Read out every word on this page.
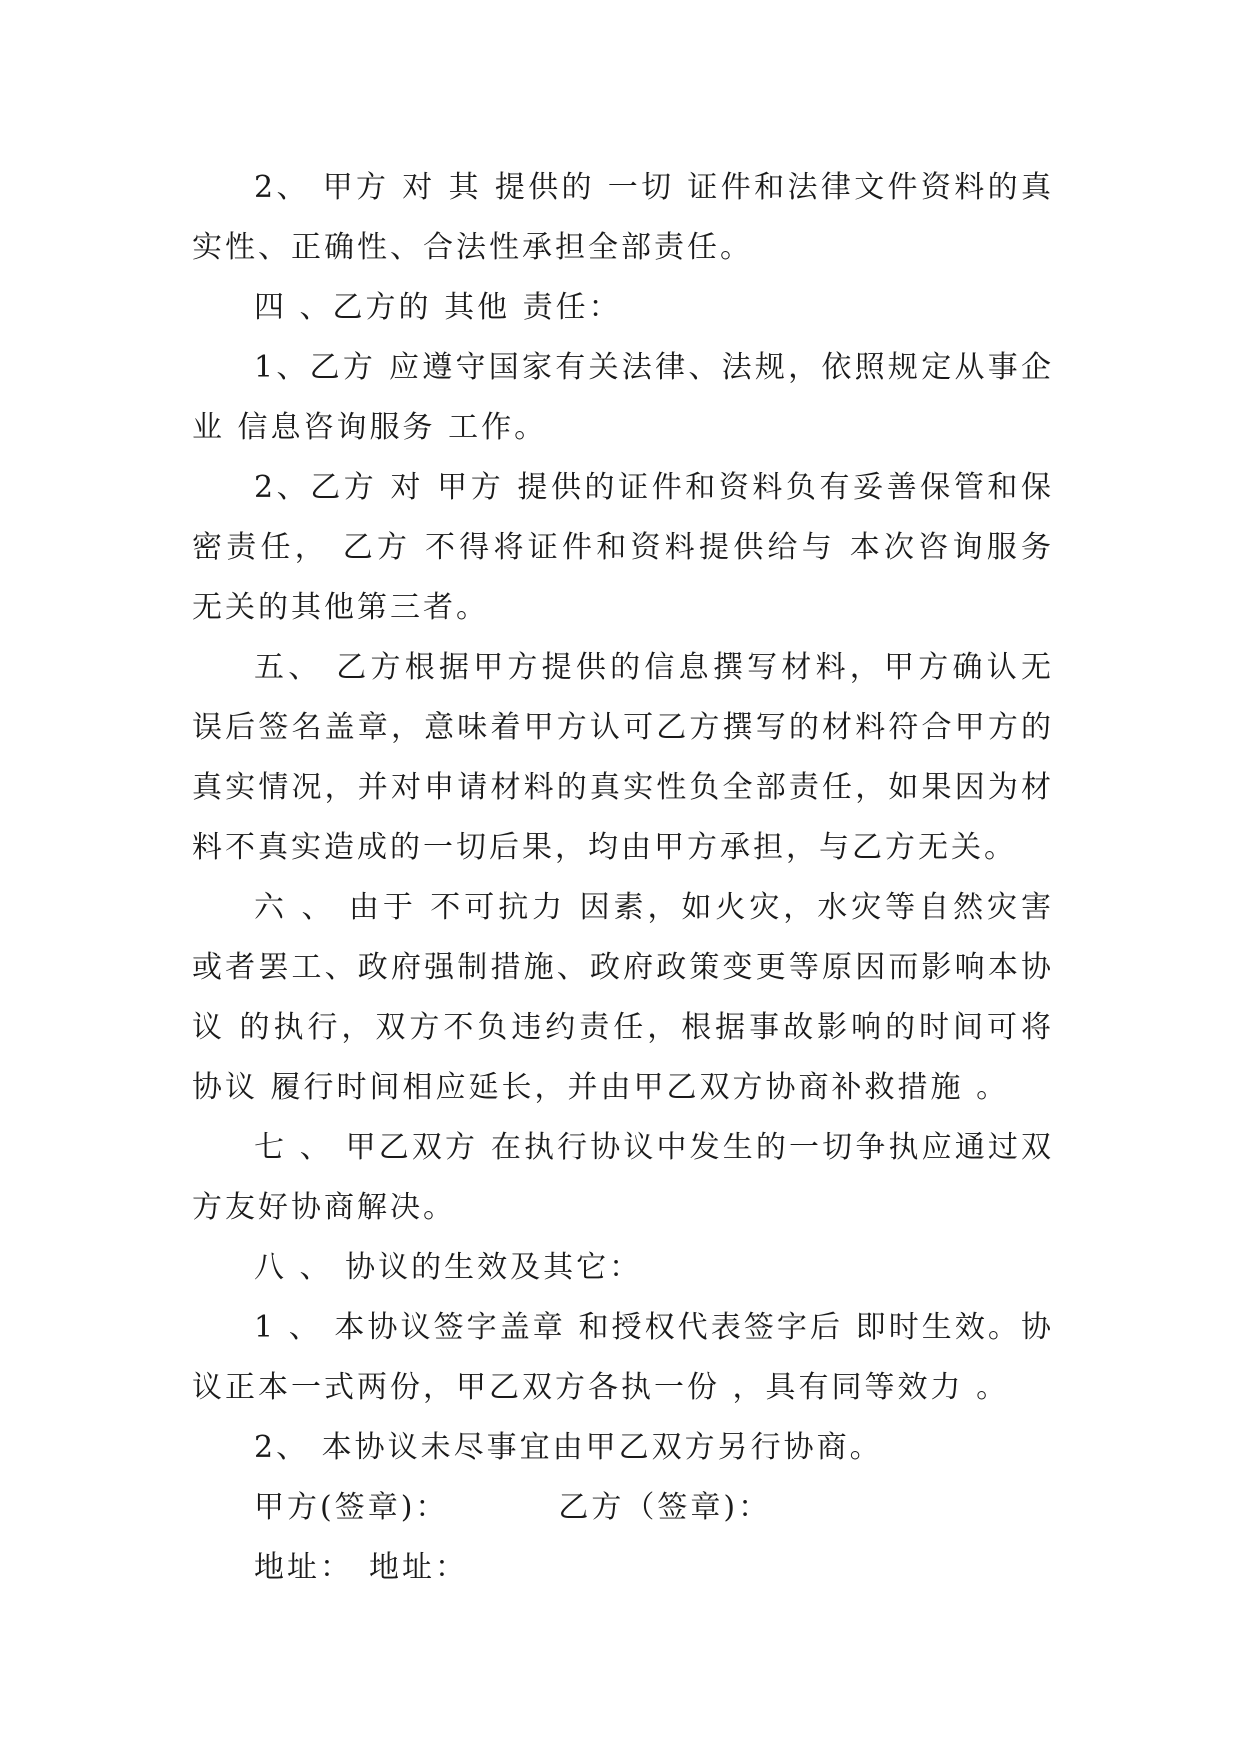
2、 甲方 对 其 提供的 一切 证件和法律文件资料的真实性、正确性、合法性承担全部责任。

四 、乙方的 其他 责任：

1、乙方 应遵守国家有关法律、法规，依照规定从事企业 信息咨询服务 工作。

2、乙方 对 甲方 提供的证件和资料负有妥善保管和保密责任， 乙方 不得将证件和资料提供给与 本次咨询服务无关的其他第三者。

五、 乙方根据甲方提供的信息撰写材料，甲方确认无误后签名盖章，意味着甲方认可乙方撰写的材料符合甲方的真实情况，并对申请材料的真实性负全部责任，如果因为材料不真实造成的一切后果，均由甲方承担，与乙方无关。

六 、 由于 不可抗力 因素，如火灾，水灾等自然灾害或者罢工、政府强制措施、政府政策变更等原因而影响本协议 的执行，双方不负违约责任，根据事故影响的时间可将 协议 履行时间相应延长，并由甲乙双方协商补救措施 。

七 、 甲乙双方 在执行协议中发生的一切争执应通过双方友好协商解决。

八 、 协议的生效及其它：

1 、 本协议签字盖章 和授权代表签字后 即时生效。协议正本一式两份，甲乙双方各执一份 ，具有同等效力 。

2、 本协议未尽事宜由甲乙双方另行协商。

甲方(签章)：	乙方（签章)：

地址： 地址：
